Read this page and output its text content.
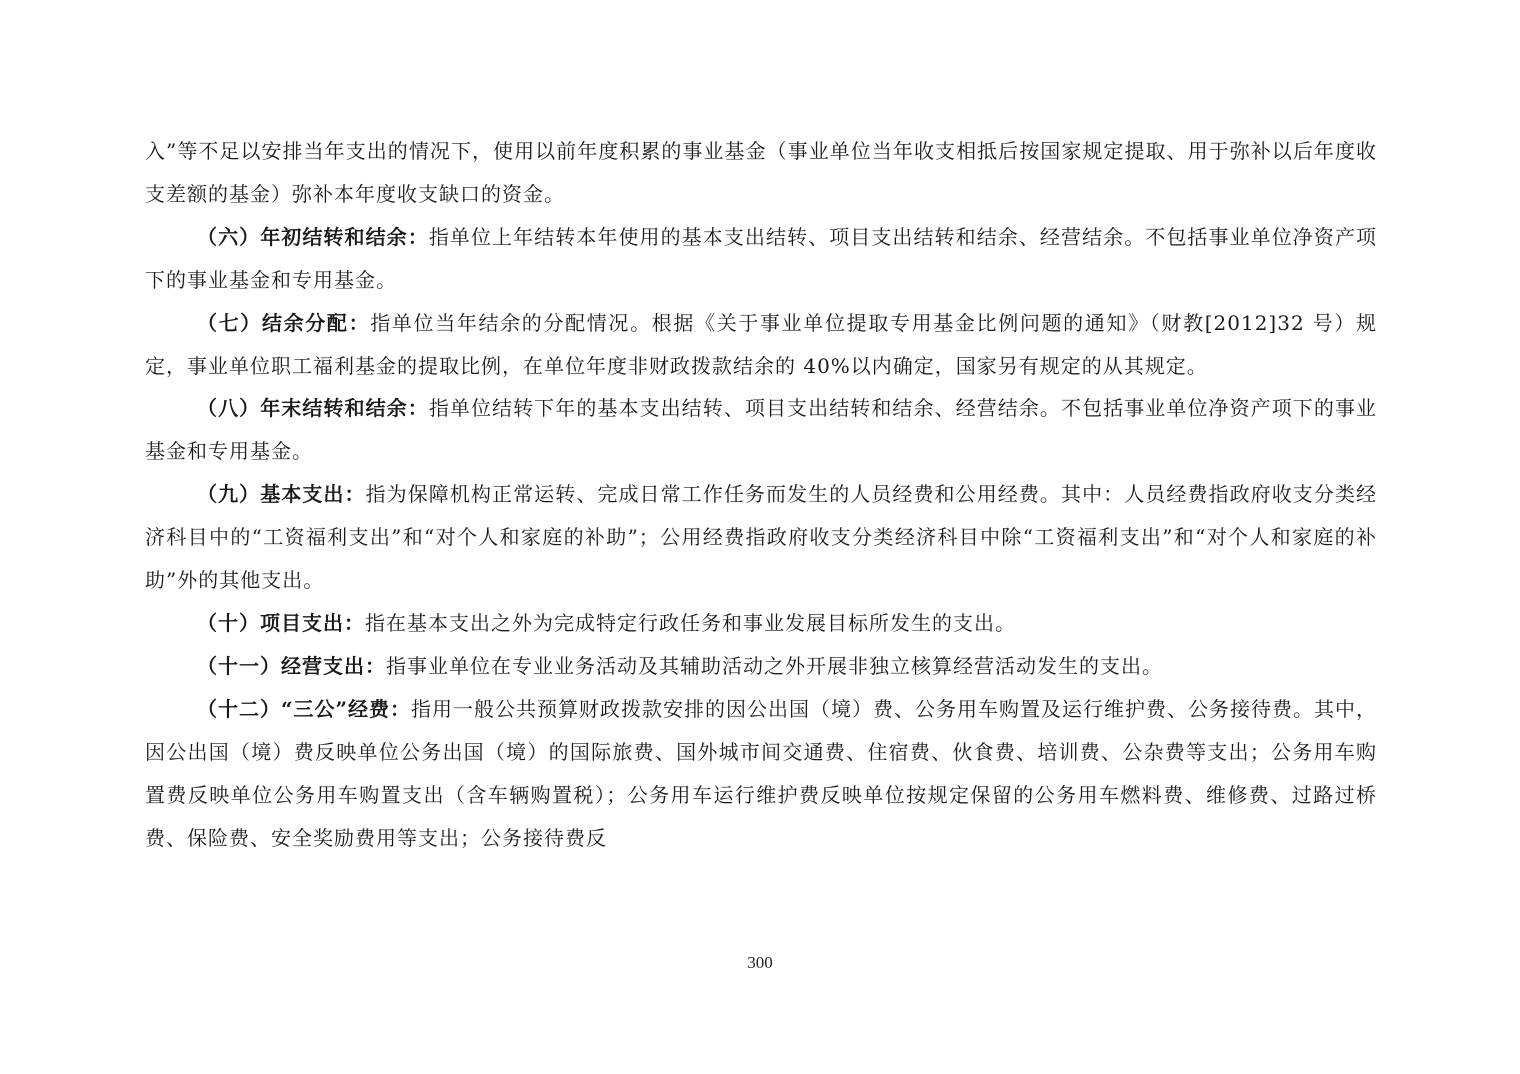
入”等不足以安排当年支出的情况下，使用以前年度积累的事业基金（事业单位当年收支相抵后按国家规定提取、用于弥补以后年度收支差额的基金）弥补本年度收支缺口的资金。

（六）年初结转和结余：指单位上年结转本年使用的基本支出结转、项目支出结转和结余、经营结余。不包括事业单位净资产项下的事业基金和专用基金。

（七）结余分配：指单位当年结余的分配情况。根据《关于事业单位提取专用基金比例问题的通知》（财教[2012]32 号）规定，事业单位职工福利基金的提取比例，在单位年度非财政拨款结余的 40%以内确定，国家另有规定的从其规定。

（八）年末结转和结余：指单位结转下年的基本支出结转、项目支出结转和结余、经营结余。不包括事业单位净资产项下的事业基金和专用基金。

（九）基本支出：指为保障机构正常运转、完成日常工作任务而发生的人员经费和公用经费。其中：人员经费指政府收支分类经济科目中的“工资福利支出”和“对个人和家庭的补助”；公用经费指政府收支分类经济科目中除“工资福利支出”和“对个人和家庭的补助”外的其他支出。

（十）项目支出：指在基本支出之外为完成特定行政任务和事业发展目标所发生的支出。

（十一）经营支出：指事业单位在专业业务活动及其辅助活动之外开展非独立核算经营活动发生的支出。

（十二）“三公”经费：指用一般公共预算财政拨款安排的因公出国（境）费、公务用车购置及运行维护费、公务接待费。其中，因公出国（境）费反映单位公务出国（境）的国际旅费、国外城市间交通费、住宿费、伙食费、培训费、公杂费等支出；公务用车购置费反映单位公务用车购置支出（含车辆购置税）；公务用车运行维护费反映单位按规定保留的公务用车燃料费、维修费、过路过桥费、保险费、安全奖励费用等支出；公务接待费反

300
